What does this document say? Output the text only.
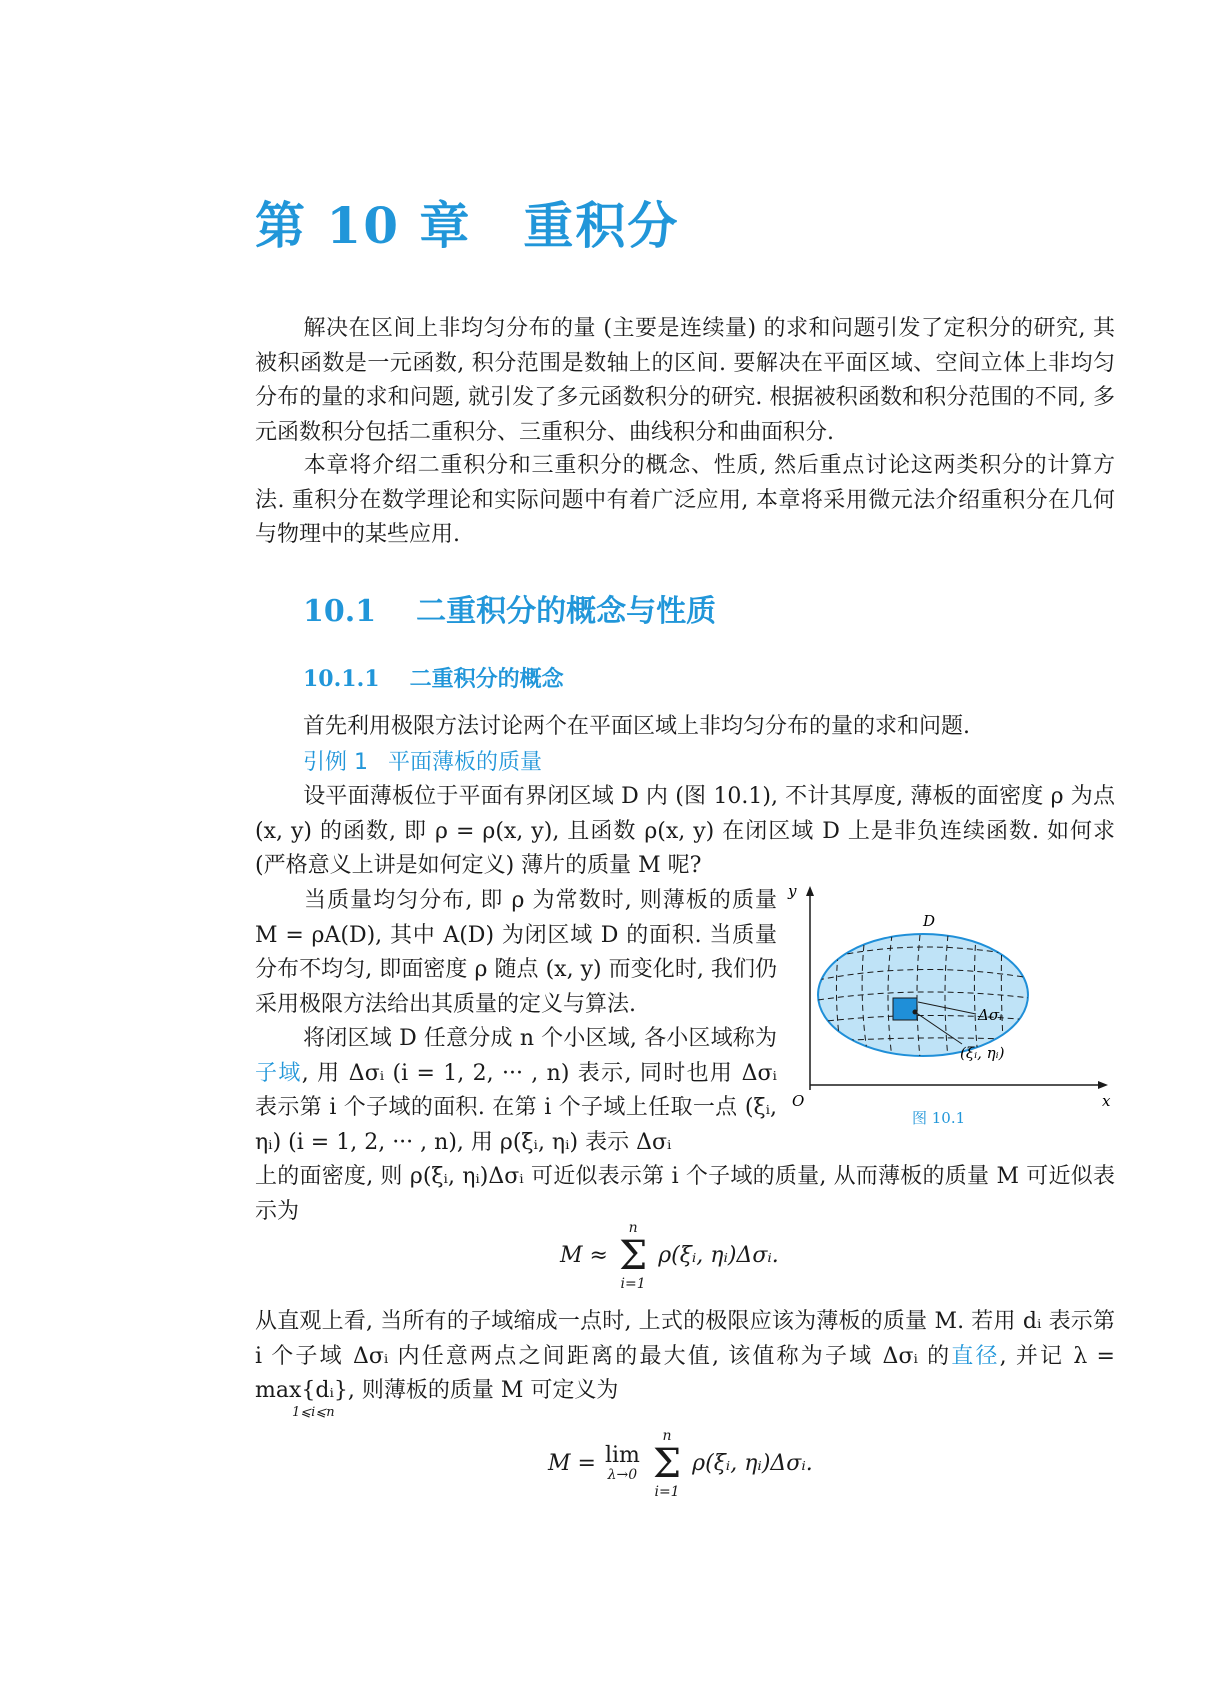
第 10 章 重积分
解决在区间上非均匀分布的量 (主要是连续量) 的求和问题引发了定积分的研究, 其被积函数是一元函数, 积分范围是数轴上的区间. 要解决在平面区域、空间立体上非均匀分布的量的求和问题, 就引发了多元函数积分的研究. 根据被积函数和积分范围的不同, 多元函数积分包括二重积分、三重积分、曲线积分和曲面积分.
本章将介绍二重积分和三重积分的概念、性质, 然后重点讨论这两类积分的计算方法. 重积分在数学理论和实际问题中有着广泛应用, 本章将采用微元法介绍重积分在几何与物理中的某些应用.
10.1 二重积分的概念与性质
10.1.1 二重积分的概念
首先利用极限方法讨论两个在平面区域上非均匀分布的量的求和问题.
引例 1 平面薄板的质量
设平面薄板位于平面有界闭区域 D 内 (图 10.1), 不计其厚度, 薄板的面密度 ρ 为点 (x, y) 的函数, 即 ρ = ρ(x, y), 且函数 ρ(x, y) 在闭区域 D 上是非负连续函数. 如何求 (严格意义上讲是如何定义) 薄片的质量 M 呢?
当质量均匀分布, 即 ρ 为常数时, 则薄板的质量 M = ρA(D), 其中 A(D) 为闭区域 D 的面积. 当质量分布不均匀, 即面密度 ρ 随点 (x, y) 而变化时, 我们仍采用极限方法给出其质量的定义与算法.
将闭区域 D 任意分成 n 个小区域, 各小区域称为子域, 用 Δσᵢ (i = 1, 2, ··· , n) 表示, 同时也用 Δσᵢ 表示第 i 个子域的面积. 在第 i 个子域上任取一点 (ξᵢ, ηᵢ) (i = 1, 2, ··· , n), 用 ρ(ξᵢ, ηᵢ) 表示 Δσᵢ
上的面密度, 则 ρ(ξᵢ, ηᵢ)Δσᵢ 可近似表示第 i 个子域的质量, 从而薄板的质量 M 可近似表示为
M ≈
n
Σ
i=1
ρ(ξᵢ, ηᵢ)Δσᵢ.
从直观上看, 当所有的子域缩成一点时, 上式的极限应该为薄板的质量 M. 若用 dᵢ 表示第 i 个子域 Δσᵢ 内任意两点之间距离的最大值, 该值称为子域 Δσᵢ 的直径, 并记 λ = max{dᵢ}, 则薄板的质量 M 可定义为
1⩽i⩽n
M = lim
λ→0

n
Σ
i=1
ρ(ξᵢ, ηᵢ)Δσᵢ.
y
x
O
D
Δσᵢ
(ξᵢ, ηᵢ)
图 10.1
